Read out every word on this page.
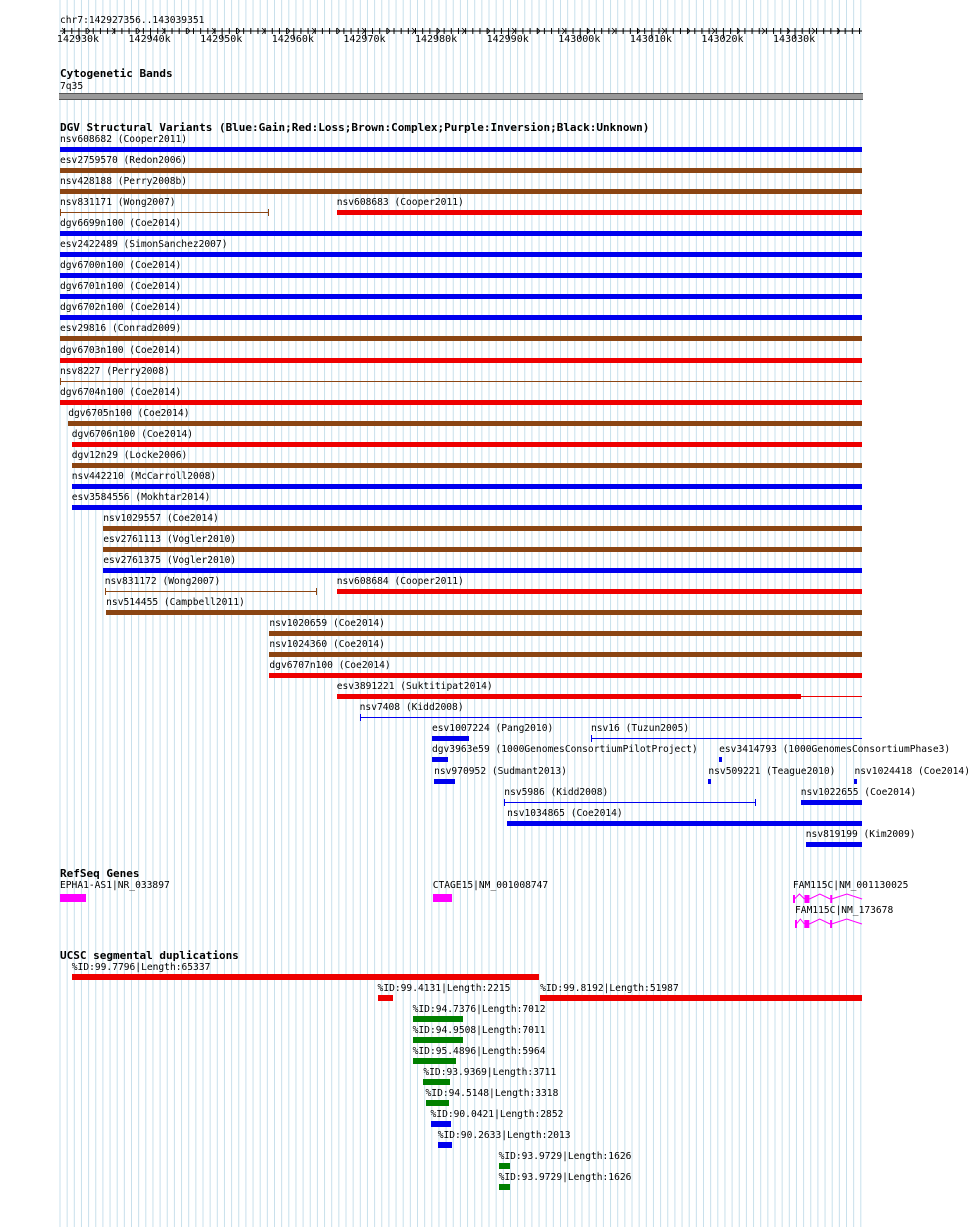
chr7:142927356..143039351
Cytogenetic Bands
7q35
DGV Structural Variants (Blue:Gain;Red:Loss;Brown:Complex;Purple:Inversion;Black:Unknown)
nsv608682 (Cooper2011)
esv2759570 (Redon2006)
nsv428188 (Perry2008b)
nsv831171 (Wong2007)	nsv608683 (Cooper2011)
dgv6699n100 (Coe2014)
esv2422489 (SimonSanchez2007)
dgv6700n100 (Coe2014)
dgv6701n100 (Coe2014)
dgv6702n100 (Coe2014)
esv29816 (Conrad2009)
dgv6703n100 (Coe2014)
nsv8227 (Perry2008)
dgv6704n100 (Coe2014)
dgv6705n100 (Coe2014)
dgv6706n100 (Coe2014)
dgv12n29 (Locke2006)
nsv442210 (McCarroll2008)
esv3584556 (Mokhtar2014)
nsv1029557 (Coe2014)
esv2761113 (Vogler2010)
esv2761375 (Vogler2010)
nsv831172 (Wong2007)	nsv608684 (Cooper2011)
nsv514455 (Campbell2011)
nsv1020659 (Coe2014)
nsv1024360 (Coe2014)
dgv6707n100 (Coe2014)
esv3891221 (Suktitipat2014)
nsv7408 (Kidd2008)
esv1007224 (Pang2010)	nsv16 (Tuzun2005)
dgv3963e59 (1000GenomesConsortiumPilotProject) esv3414793 (1000GenomesConsortiumPhase3)
nsv970952 (Sudmant2013)	nsv509221 (Teague2010) nsv1024418 (Coe2014)
nsv5986 (Kidd2008)	nsv1022655 (Coe2014)
nsv1034865 (Coe2014)
nsv819199 (Kim2009)
RefSeq Genes
EPHA1-AS1|NR_033897	CTAGE15|NM_001008747	FAM115C|NM_001130025
FAM115C|NM_173678
UCSC segmental duplications
%ID:99.7796|Length:65337
%ID:99.4131|Length:2215	%ID:99.8192|Length:51987
%ID:94.7376|Length:7012
%ID:94.9508|Length:7011
%ID:95.4896|Length:5964
%ID:93.9369|Length:3711
%ID:94.5148|Length:3318
%ID:90.0421|Length:2852
%ID:90.2633|Length:2013
%ID:93.9729|Length:1626
%ID:93.9729|Length:1626
142930k	142940k	142950k	142960k	142970k	142980k	142990k	143000k	143010k	143020k	143030k
